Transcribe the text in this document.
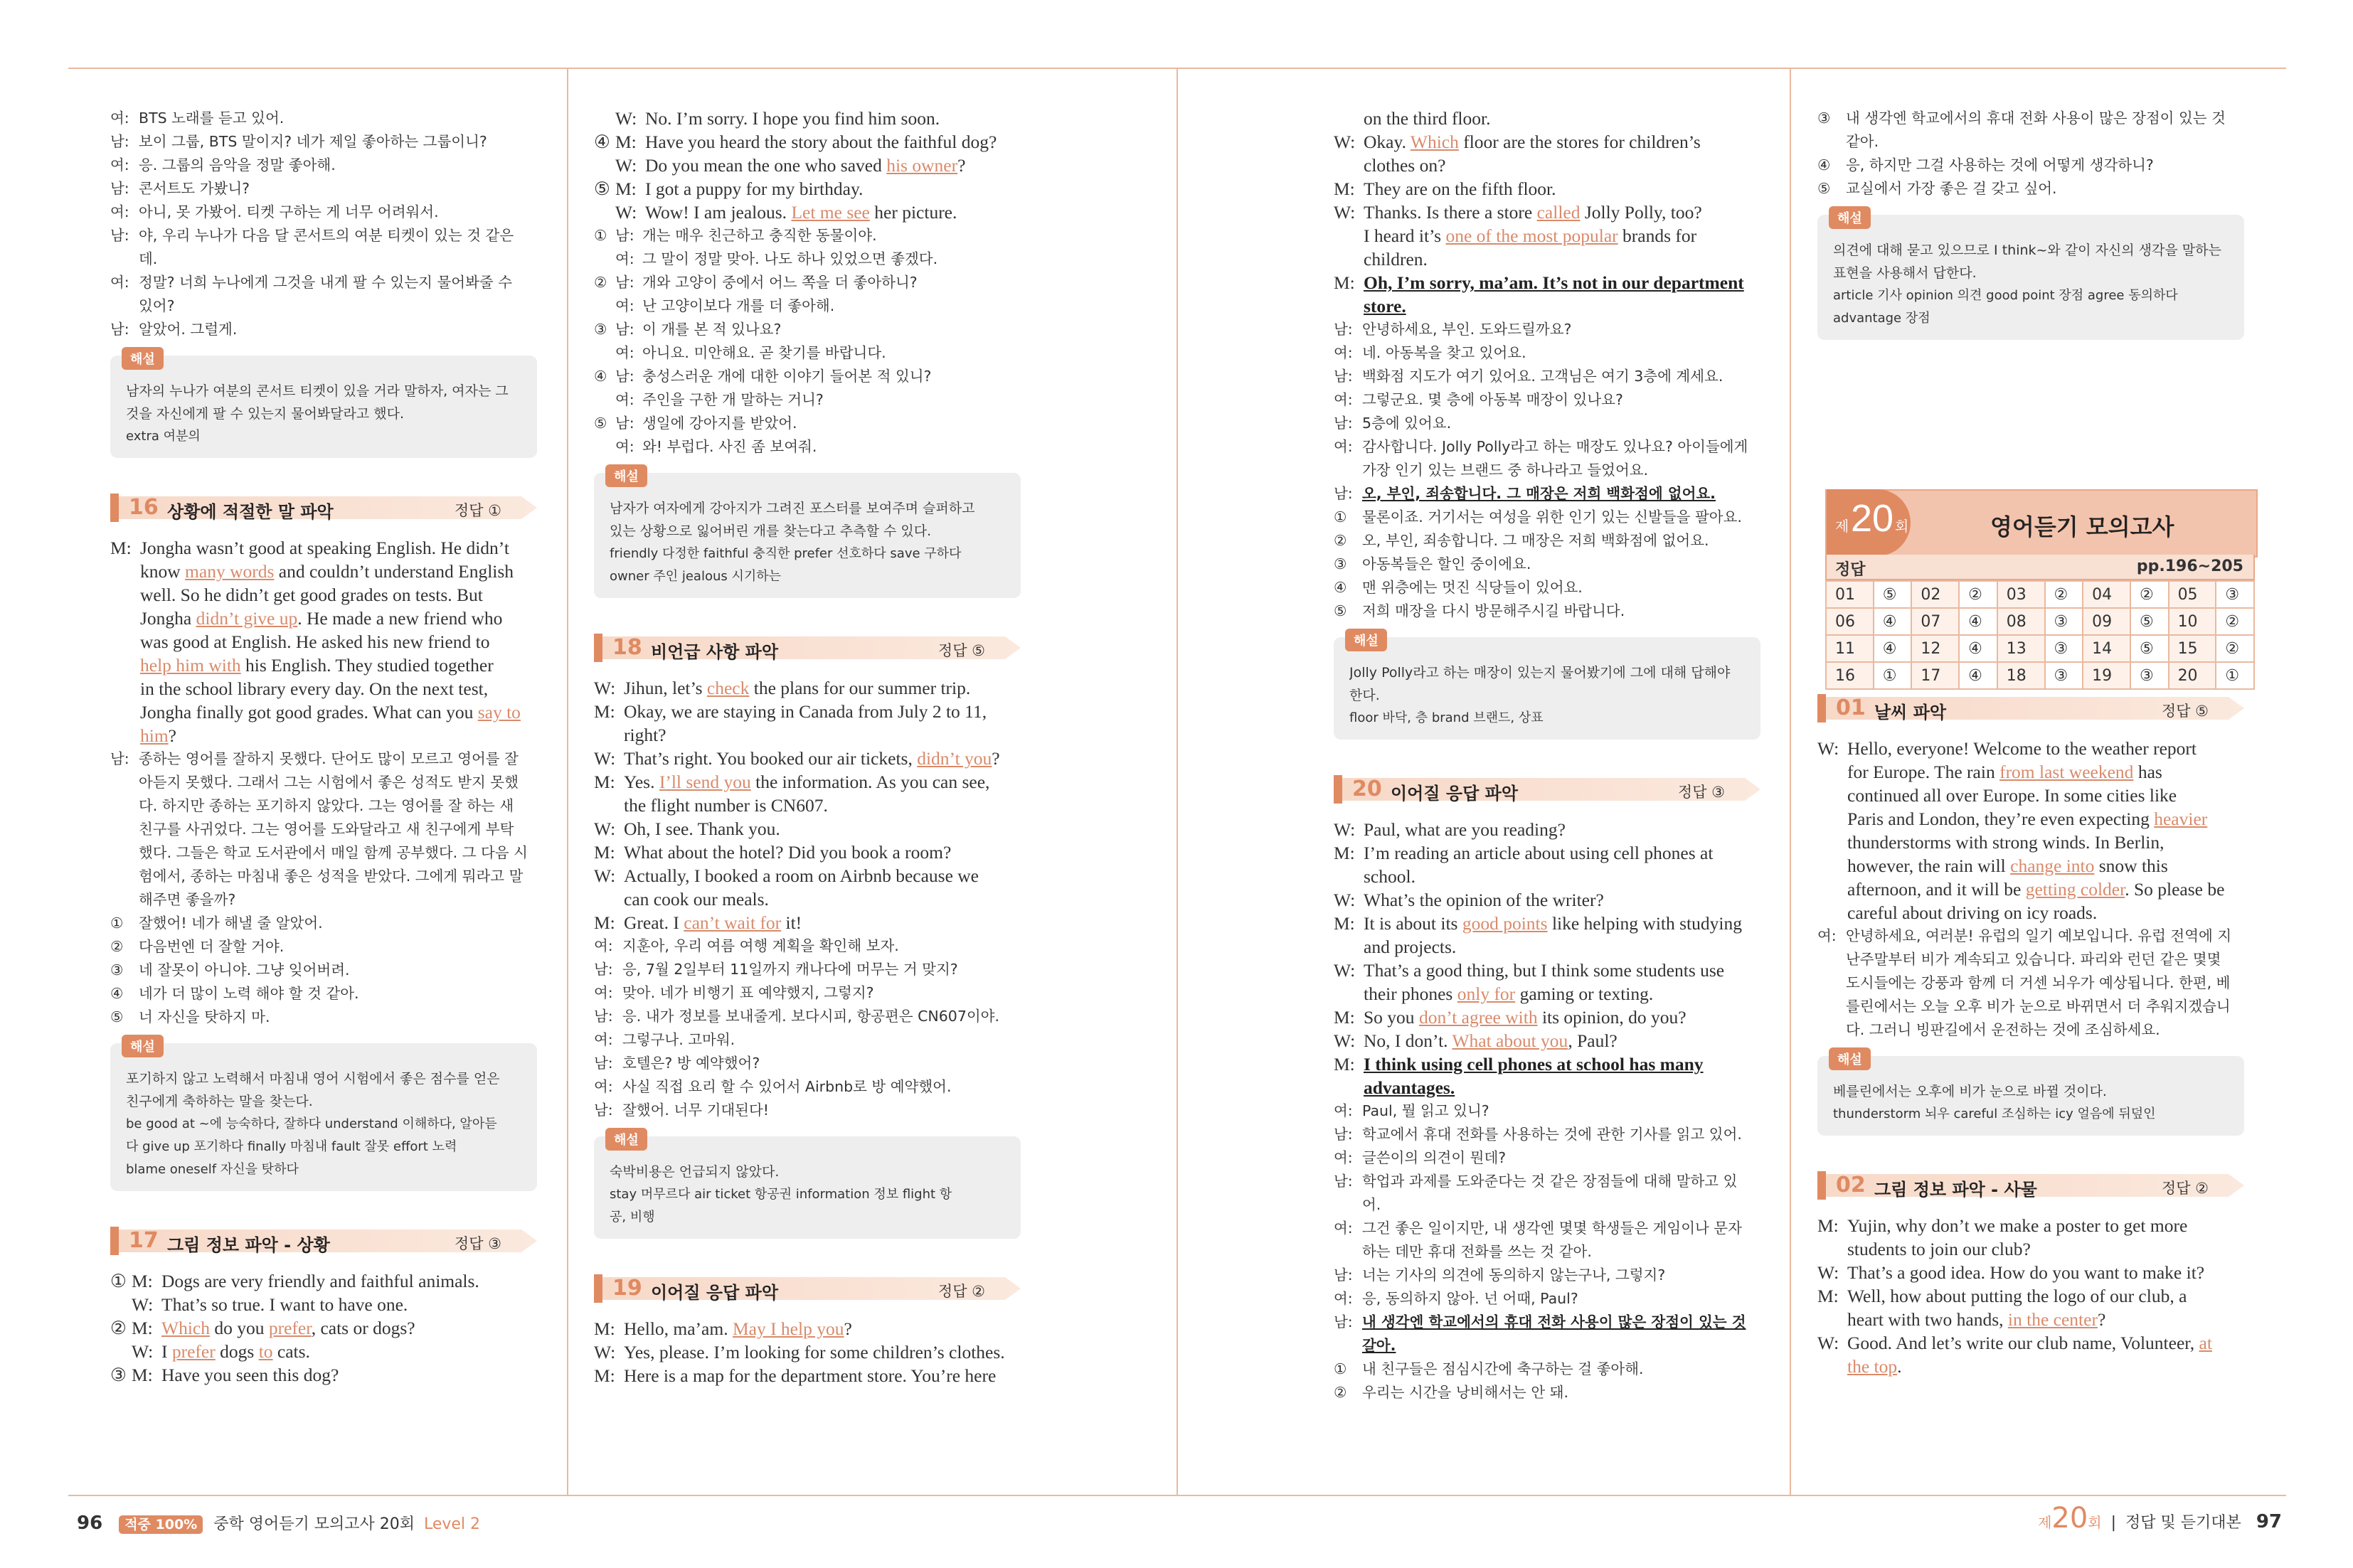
여: BTS 노래를 듣고 있어.
남: 보이 그룹, BTS 말이지? 네가 제일 좋아하는 그룹이니?
여: 응. 그룹의 음악을 정말 좋아해.
남: 콘서트도 가봤니?
여: 아니, 못 가봤어. 티켓 구하는 게 너무 어려워서.
남: 야, 우리 누나가 다음 달 콘서트의 여분 티켓이 있는 것 같은
데.
여: 정말? 너희 누나에게 그것을 내게 팔 수 있는지 물어봐줄 수
있어?
남: 알았어. 그럴게.
해설
남자의 누나가 여분의 콘서트 티켓이 있을 거라 말하자, 여자는 그
것을 자신에게 팔 수 있는지 물어봐달라고 했다.
extra 여분의
16 상황에 적절한 말 파악	정답 ①
M: Jongha wasn’t good at speaking English. He didn’t
know many words and couldn’t understand English
well. So he didn’t get good grades on tests. But
Jongha didn’t give up. He made a new friend who
was good at English. He asked his new friend to
help him with his English. They studied together
in the school library every day. On the next test,
Jongha finally got good grades. What can you say to
him?
남: 종하는 영어를 잘하지 못했다. 단어도 많이 모르고 영어를 잘
아듣지 못했다. 그래서 그는 시험에서 좋은 성적도 받지 못했
다. 하지만 종하는 포기하지 않았다. 그는 영어를 잘 하는 새
친구를 사귀었다. 그는 영어를 도와달라고 새 친구에게 부탁
했다. 그들은 학교 도서관에서 매일 함께 공부했다. 그 다음 시
험에서, 종하는 마침내 좋은 성적을 받았다. 그에게 뭐라고 말
해주면 좋을까?
① 잘했어! 네가 해낼 줄 알았어.
② 다음번엔 더 잘할 거야.
③ 네 잘못이 아니야. 그냥 잊어버려.
④ 네가 더 많이 노력 해야 할 것 같아.
⑤ 너 자신을 탓하지 마.
해설
포기하지 않고 노력해서 마침내 영어 시험에서 좋은 점수를 얻은
친구에게 축하하는 말을 찾는다.
be good at ~에 능숙하다, 잘하다 understand 이해하다, 알아듣
다 give up 포기하다 finally 마침내 fault 잘못 effort 노력
blame oneself 자신을 탓하다
17 그림 정보 파악 - 상황	정답 ③
① M: Dogs are very friendly and faithful animals.
W: That’s so true. I want to have one.
② M: Which do you prefer, cats or dogs?
W: I prefer dogs to cats.
③ M: Have you seen this dog?
W: No. I’m sorry. I hope you find him soon.
④ M: Have you heard the story about the faithful dog?
W: Do you mean the one who saved his owner?
⑤ M: I got a puppy for my birthday.
W: Wow! I am jealous. Let me see her picture.
① 남: 개는 매우 친근하고 충직한 동물이야.
여: 그 말이 정말 맞아. 나도 하나 있었으면 좋겠다.
② 남: 개와 고양이 중에서 어느 쪽을 더 좋아하니?
여: 난 고양이보다 개를 더 좋아해.
③ 남: 이 개를 본 적 있나요?
여: 아니요. 미안해요. 곧 찾기를 바랍니다.
④ 남: 충성스러운 개에 대한 이야기 들어본 적 있니?
여: 주인을 구한 개 말하는 거니?
⑤ 남: 생일에 강아지를 받았어.
여: 와! 부럽다. 사진 좀 보여줘.
해설
남자가 여자에게 강아지가 그려진 포스터를 보여주며 슬퍼하고
있는 상황으로 잃어버린 개를 찾는다고 추측할 수 있다.
friendly 다정한 faithful 충직한 prefer 선호하다 save 구하다
owner 주인 jealous 시기하는
18 비언급 사항 파악	정답 ⑤
W: Jihun, let’s check the plans for our summer trip.
M: Okay, we are staying in Canada from July 2 to 11,
right?
W: That’s right. You booked our air tickets, didn’t you?
M: Yes. I’ll send you the information. As you can see,
the flight number is CN607.
W: Oh, I see. Thank you.
M: What about the hotel? Did you book a room?
W: Actually, I booked a room on Airbnb because we
can cook our meals.
M: Great. I can’t wait for it!
여: 지훈아, 우리 여름 여행 계획을 확인해 보자.
남: 응, 7월 2일부터 11일까지 캐나다에 머무는 거 맞지?
여: 맞아. 네가 비행기 표 예약했지, 그렇지?
남: 응. 내가 정보를 보내줄게. 보다시피, 항공편은 CN607이야.
여: 그렇구나. 고마워.
남: 호텔은? 방 예약했어?
여: 사실 직접 요리 할 수 있어서 Airbnb로 방 예약했어.
남: 잘했어. 너무 기대된다!
해설
숙박비용은 언급되지 않았다.
stay 머무르다 air ticket 항공권 information 정보 flight 항
공, 비행
19 이어질 응답 파악	정답 ②
M: Hello, ma’am. May I help you?
W: Yes, please. I’m looking for some children’s clothes.
M: Here is a map for the department store. You’re here
on the third floor.
W: Okay. Which floor are the stores for children’s
clothes on?
M: They are on the fifth floor.
W: Thanks. Is there a store called Jolly Polly, too?
I heard it’s one of the most popular brands for
children.
M: Oh, I’m sorry, ma’am. It’s not in our department
store.
남: 안녕하세요, 부인. 도와드릴까요?
여: 네. 아동복을 찾고 있어요.
남: 백화점 지도가 여기 있어요. 고객님은 여기 3층에 계세요.
여: 그렇군요. 몇 층에 아동복 매장이 있나요?
남: 5층에 있어요.
여: 감사합니다. Jolly Polly라고 하는 매장도 있나요? 아이들에게
가장 인기 있는 브랜드 중 하나라고 들었어요.
남: 오, 부인, 죄송합니다. 그 매장은 저희 백화점에 없어요.
① 물론이죠. 거기서는 여성을 위한 인기 있는 신발들을 팔아요.
② 오, 부인, 죄송합니다. 그 매장은 저희 백화점에 없어요.
③ 아동복들은 할인 중이에요.
④ 맨 위층에는 멋진 식당들이 있어요.
⑤ 저희 매장을 다시 방문해주시길 바랍니다.
해설
Jolly Polly라고 하는 매장이 있는지 물어봤기에 그에 대해 답해야
한다.
floor 바닥, 층 brand 브랜드, 상표
20 이어질 응답 파악	정답 ③
W: Paul, what are you reading?
M: I’m reading an article about using cell phones at
school.
W: What’s the opinion of the writer?
M: It is about its good points like helping with studying
and projects.
W: That’s a good thing, but I think some students use
their phones only for gaming or texting.
M: So you don’t agree with its opinion, do you?
W: No, I don’t. What about you, Paul?
M: I think using cell phones at school has many
advantages.
여: Paul, 뭘 읽고 있니?
남: 학교에서 휴대 전화를 사용하는 것에 관한 기사를 읽고 있어.
여: 글쓴이의 의견이 뭔데?
남: 학업과 과제를 도와준다는 것 같은 장점들에 대해 말하고 있
어.
여: 그건 좋은 일이지만, 내 생각엔 몇몇 학생들은 게임이나 문자
하는 데만 휴대 전화를 쓰는 것 같아.
남: 너는 기사의 의견에 동의하지 않는구나, 그렇지?
여: 응, 동의하지 않아. 넌 어때, Paul?
남: 내 생각엔 학교에서의 휴대 전화 사용이 많은 장점이 있는 것
갈아.
① 내 친구들은 점심시간에 축구하는 걸 좋아해.
② 우리는 시간을 낭비해서는 안 돼.
③ 내 생각엔 학교에서의 휴대 전화 사용이 많은 장점이 있는 것
같아.
④ 응, 하지만 그걸 사용하는 것에 어떻게 생각하니?
⑤ 교실에서 가장 좋은 걸 갖고 싶어.
해설
의견에 대해 묻고 있으므로 I think~와 같이 자신의 생각을 말하는
표현을 사용해서 답한다.
article 기사 opinion 의견 good point 장점 agree 동의하다
advantage 장점
01 날씨 파악	정답 ⑤
W: Hello, everyone! Welcome to the weather report
for Europe. The rain from last weekend has
continued all over Europe. In some cities like
Paris and London, they’re even expecting heavier
thunderstorms with strong winds. In Berlin,
however, the rain will change into snow this
afternoon, and it will be getting colder. So please be
careful about driving on icy roads.
여: 안녕하세요, 여러분! 유럽의 일기 예보입니다. 유럽 전역에 지
난주말부터 비가 계속되고 있습니다. 파리와 런던 같은 몇몇
도시들에는 강풍과 함께 더 거센 뇌우가 예상됩니다. 한편, 베
를린에서는 오늘 오후 비가 눈으로 바뀌면서 더 추워지겠습니
다. 그러니 빙판길에서 운전하는 것에 조심하세요.
해설
베를린에서는 오후에 비가 눈으로 바뀔 것이다.
thunderstorm 뇌우 careful 조심하는 icy 얼음에 뒤덮인
02 그림 정보 파악 - 사물	정답 ②
M: Yujin, why don’t we make a poster to get more
students to join our club?
W: That’s a good idea. How do you want to make it?
M: Well, how about putting the logo of our club, a
heart with two hands, in the center?
W: Good. And let’s write our club name, Volunteer, at
the top.
제 20 회	영어듣기 모의고사
정답	pp.196~205
01	⑤	02	②	03	②	04	②	05	③
06	④	07	④	08	③	09	⑤	10	②
11	④	12	④	13	③	14	⑤	15	②
16	①	17	④	18	③	19	③	20	①
96 적중 100% 중학 영어듣기 모의고사 20회 Level 2	제20회 | 정답 및 듣기대본 97
